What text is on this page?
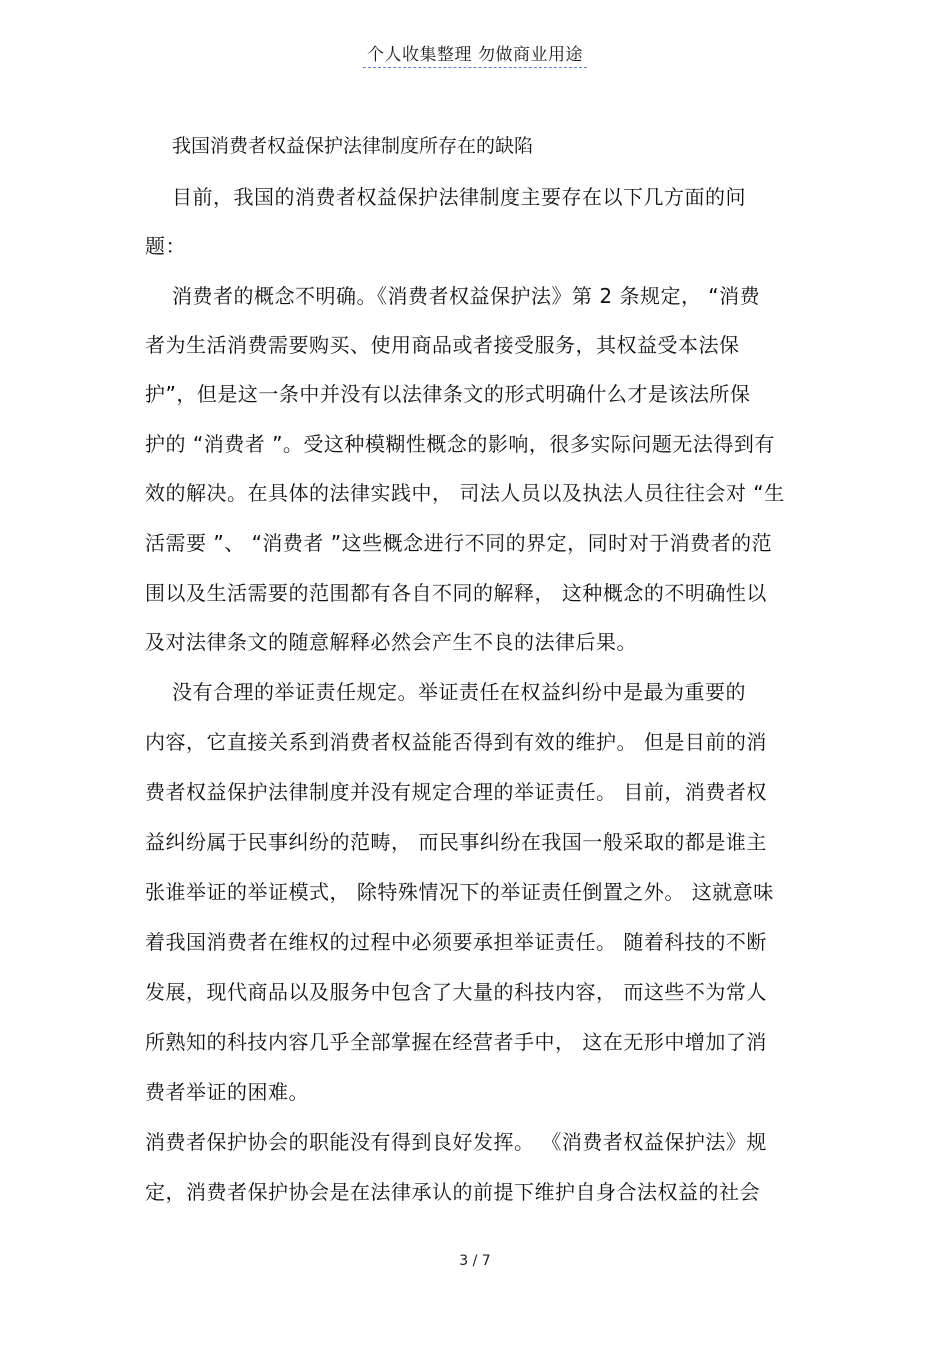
个人收集整理 勿做商业用途
我国消费者权益保护法律制度所存在的缺陷
目前，我国的消费者权益保护法律制度主要存在以下几方面的问
题：
消费者的概念不明确。《消费者权益保护法》第 2 条规定， “消费
者为生活消费需要购买、使用商品或者接受服务，其权益受本法保
护”，但是这一条中并没有以法律条文的形式明确什么才是该法所保
护的 “消费者 ”。受这种模糊性概念的影响，很多实际问题无法得到有
效的解决。在具体的法律实践中， 司法人员以及执法人员往往会对 “生
活需要 ”、 “消费者 ”这些概念进行不同的界定，同时对于消费者的范
围以及生活需要的范围都有各自不同的解释， 这种概念的不明确性以
及对法律条文的随意解释必然会产生不良的法律后果。
没有合理的举证责任规定。举证责任在权益纠纷中是最为重要的
内容，它直接关系到消费者权益能否得到有效的维护。 但是目前的消
费者权益保护法律制度并没有规定合理的举证责任。 目前，消费者权
益纠纷属于民事纠纷的范畴， 而民事纠纷在我国一般采取的都是谁主
张谁举证的举证模式， 除特殊情况下的举证责任倒置之外。 这就意味
着我国消费者在维权的过程中必须要承担举证责任。 随着科技的不断
发展，现代商品以及服务中包含了大量的科技内容， 而这些不为常人
所熟知的科技内容几乎全部掌握在经营者手中， 这在无形中增加了消
费者举证的困难。
消费者保护协会的职能没有得到良好发挥。 《消费者权益保护法》规
定，消费者保护协会是在法律承认的前提下维护自身合法权益的社会
3 / 7
